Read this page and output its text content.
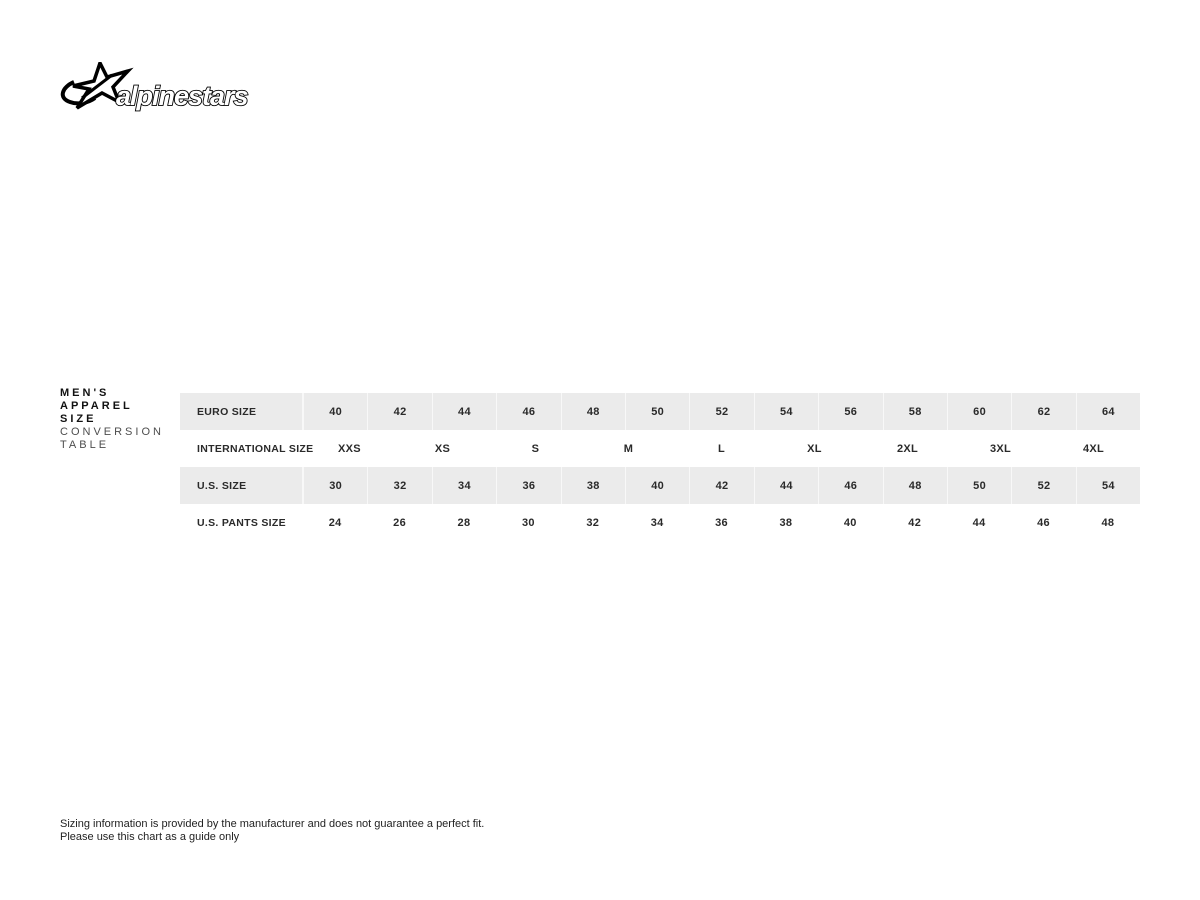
alpinestars
MEN'S
APPAREL
SIZE
CONVERSION
TABLE
EURO SIZE	40	42	44	46	48	50	52	54	56	58	60	62	64
INTERNATIONAL SIZE	XXS	XS	S	M	L	XL	2XL	3XL	4XL
U.S. SIZE	30	32	34	36	38	40	42	44	46	48	50	52	54
U.S. PANTS SIZE	24	26	28	30	32	34	36	38	40	42	44	46	48
Sizing information is provided by the manufacturer and does not guarantee a perfect fit.
Please use this chart as a guide only
